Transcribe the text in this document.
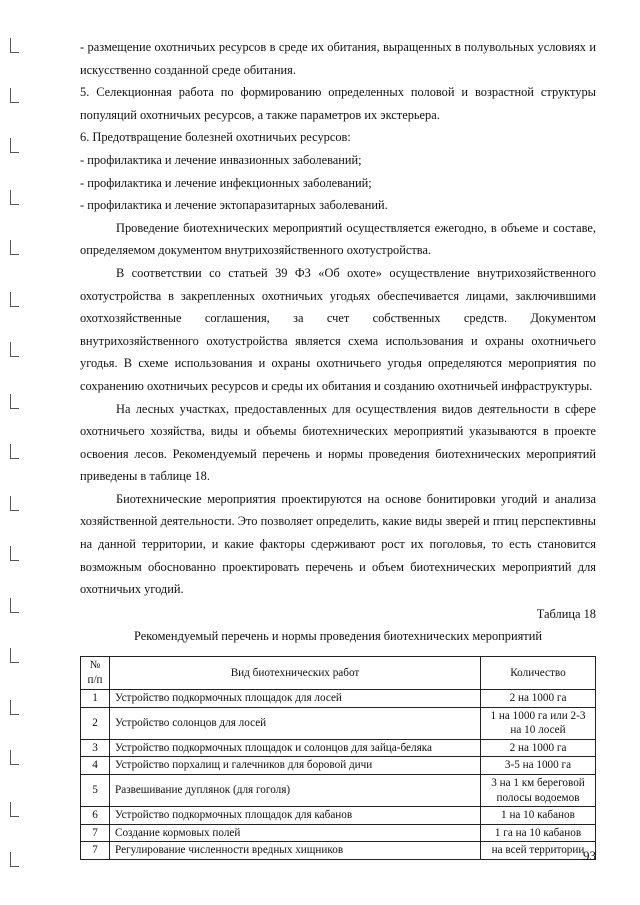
- размещение охотничьих ресурсов в среде их обитания, выращенных в полувольных условиях и искусственно созданной среде обитания.

5. Селекционная работа по формированию определенных половой и возрастной структуры популяций охотничьих ресурсов, а также параметров их экстерьера.

6. Предотвращение болезней охотничьих ресурсов:

- профилактика и лечение инвазионных заболеваний;

- профилактика и лечение инфекционных заболеваний;

- профилактика и лечение эктопаразитарных заболеваний.

Проведение биотехнических мероприятий осуществляется ежегодно, в объеме и составе, определяемом документом внутрихозяйственного охотустройства.

В соответствии со статьей 39 ФЗ «Об охоте» осуществление внутрихозяйственного охотустройства в закрепленных охотничьих угодьях обеспечивается лицами, заключившими охотхозяйственные соглашения, за счет собственных средств. Документом внутрихозяйственного охотустройства является схема использования и охраны охотничьего угодья. В схеме использования и охраны охотничьего угодья определяются мероприятия по сохранению охотничьих ресурсов и среды их обитания и созданию охотничьей инфраструктуры.

На лесных участках, предоставленных для осуществления видов деятельности в сфере охотничьего хозяйства, виды и объемы биотехнических мероприятий указываются в проекте освоения лесов. Рекомендуемый перечень и нормы проведения биотехнических мероприятий приведены в таблице 18.

Биотехнические мероприятия проектируются на основе бонитировки угодий и анализа хозяйственной деятельности. Это позволяет определить, какие виды зверей и птиц перспективны на данной территории, и какие факторы сдерживают рост их поголовья, то есть становится возможным обоснованно проектировать перечень и объем биотехнических мероприятий для охотничьих угодий.

Таблица 18
Рекомендуемый перечень и нормы проведения биотехнических мероприятий
№ п/п	Вид биотехнических работ	Количество
1	Устройство подкормочных площадок для лосей	2 на 1000 га
2	Устройство солонцов для лосей	1 на 1000 га или 2-3 на 10 лосей
3	Устройство подкормочных площадок и солонцов для зайца-беляка	2 на 1000 га
4	Устройство порхалищ и галечников для боровой дичи	3-5 на 1000 га
5	Развешивание дуплянок (для гоголя)	3 на 1 км береговой полосы водоемов
6	Устройство подкормочных площадок для кабанов	1 на 10 кабанов
7	Создание кормовых полей	1 га на 10 кабанов
7	Регулирование численности вредных хищников	на всей территории
93
